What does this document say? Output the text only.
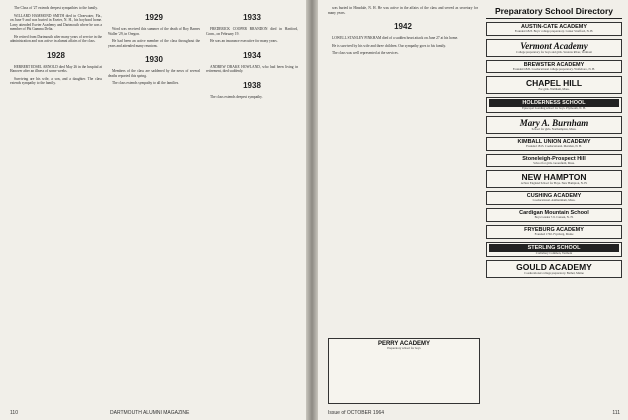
The Class of '27 extends deepest sympathies to the family.

WILLARD HAMMOND SMITH died in Clearwater, Fla., on June 9 and was buried in Exeter, N. H., his boyhood home. Larry attended Exeter Academy and Dartmouth where he was a member of Phi Gamma Delta.

He retired from Dartmouth after many years of service in the administration and was active in alumni affairs of the class.

1928

HERBERT EDSEL ARNOLD died May 26 in the hospital at Hanover after an illness of some weeks.

Surviving are his wife, a son, and a daughter. The class extends sympathy to the family.

1929

Word was received this summer of the death of Roy Barnes Waller '29, in Oregon.

He had been an active member of the class throughout the years and attended many reunions.

1930

Members of the class are saddened by the news of several deaths reported this spring.

The class extends sympathy to all the families.

1933

FREDERICK COOPER BRANDON died in Hartford, Conn., on February 19.

He was an insurance executive for many years.

1934

ANDREW DRAKE HOWLAND, who had been living in retirement, died suddenly.

1938

The class extends deepest sympathy.

110	DARTMOUTH ALUMNI MAGAZINE

was buried in Hinsdale, N. H. He was active in the affairs of the class and served as secretary for many years.

1942

LOWELL STANLEY PINKHAM died of a sudden heart attack on June 27 at his home.

He is survived by his wife and three children. Our sympathy goes to his family.

The class was well represented at the services.

PERRY ACADEMY
Preparatory school for boys
Preparatory School Directory
AUSTIN-CATE ACADEMY
Founded 1823. Boys' college preparatory. Center Strafford, N. H.
Vermont Academy
College preparatory for boys and girls. Saxtons River, Vermont
BREWSTER ACADEMY
Founded 1820. Coeducational college preparatory. Wolfeboro, N. H.
CHAPEL HILL
For girls. Waltham, Mass.
HOLDERNESS SCHOOL
Episcopal boarding school for boys. Plymouth, N. H.
Mary A. Burnham
School for girls. Northampton, Mass.
KIMBALL UNION ACADEMY
Founded 1813. Coeducational. Meriden, N. H.
Stoneleigh-Prospect Hill
School for girls. Greenfield, Mass.
NEW HAMPTON
A New England School for Boys. New Hampton, N. H.
CUSHING ACADEMY
Coeducational. Ashburnham, Mass.
Cardigan Mountain School
Boys Grades 7-9. Canaan, N. H.
FRYEBURG ACADEMY
Founded 1792. Fryeburg, Maine
STERLING SCHOOL
Craftsbury Common, Vermont
GOULD ACADEMY
Coeducational college preparatory. Bethel, Maine
Issue of OCTOBER 1964	111
